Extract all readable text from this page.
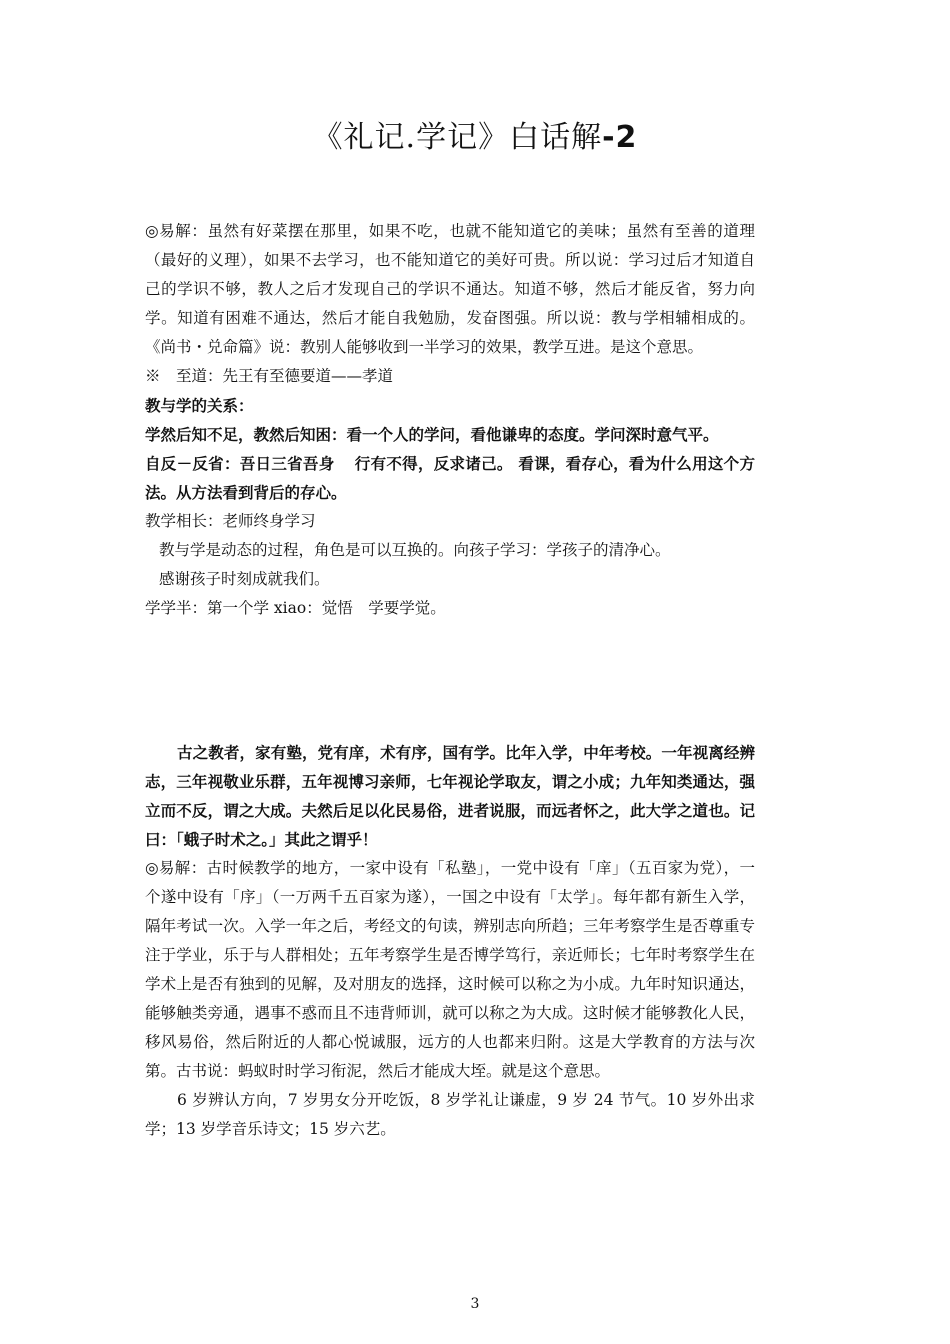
《礼记.学记》白话解-2

◎易解：虽然有好菜摆在那里，如果不吃，也就不能知道它的美味；虽然有至善的道理（最好的义理），如果不去学习，也不能知道它的美好可贵。所以说：学习过后才知道自己的学识不够，教人之后才发现自己的学识不通达。知道不够，然后才能反省，努力向学。知道有困难不通达，然后才能自我勉励，发奋图强。所以说：教与学相辅相成的。《尚书・兑命篇》说：教别人能够收到一半学习的效果，教学互进。是这个意思。

※　至道：先王有至德要道——孝道

教与学的关系：

学然后知不足，教然后知困：看一个人的学问，看他谦卑的态度。学问深时意气平。

自反－反省：吾日三省吾身 行有不得，反求诸己。 看课，看存心，看为什么用这个方法。从方法看到背后的存心。

教学相长：老师终身学习

教与学是动态的过程，角色是可以互换的。向孩子学习：学孩子的清净心。

感谢孩子时刻成就我们。

学学半：第一个学 xiao：觉悟　学要学觉。

古之教者，家有塾，党有庠，术有序，国有学。比年入学，中年考校。一年视离经辨志，三年视敬业乐群，五年视博习亲师，七年视论学取友，谓之小成；九年知类通达，强立而不反，谓之大成。夫然后足以化民易俗，进者说服，而远者怀之，此大学之道也。记曰：「蛾子时术之。」其此之谓乎！

◎易解：古时候教学的地方，一家中设有「私塾」，一党中设有「庠」（五百家为党），一个遂中设有「序」（一万两千五百家为遂），一国之中设有「太学」。每年都有新生入学，隔年考试一次。入学一年之后，考经文的句读，辨别志向所趋；三年考察学生是否尊重专注于学业，乐于与人群相处；五年考察学生是否博学笃行，亲近师长；七年时考察学生在学术上是否有独到的见解，及对朋友的选择，这时候可以称之为小成。九年时知识通达，能够触类旁通，遇事不惑而且不违背师训，就可以称之为大成。这时候才能够教化人民，移风易俗，然后附近的人都心悦诚服，远方的人也都来归附。这是大学教育的方法与次第。古书说：蚂蚁时时学习衔泥，然后才能成大垤。就是这个意思。

6 岁辨认方向，7 岁男女分开吃饭，8 岁学礼让谦虚，9 岁 24 节气。10 岁外出求学；13 岁学音乐诗文；15 岁六艺。

3
